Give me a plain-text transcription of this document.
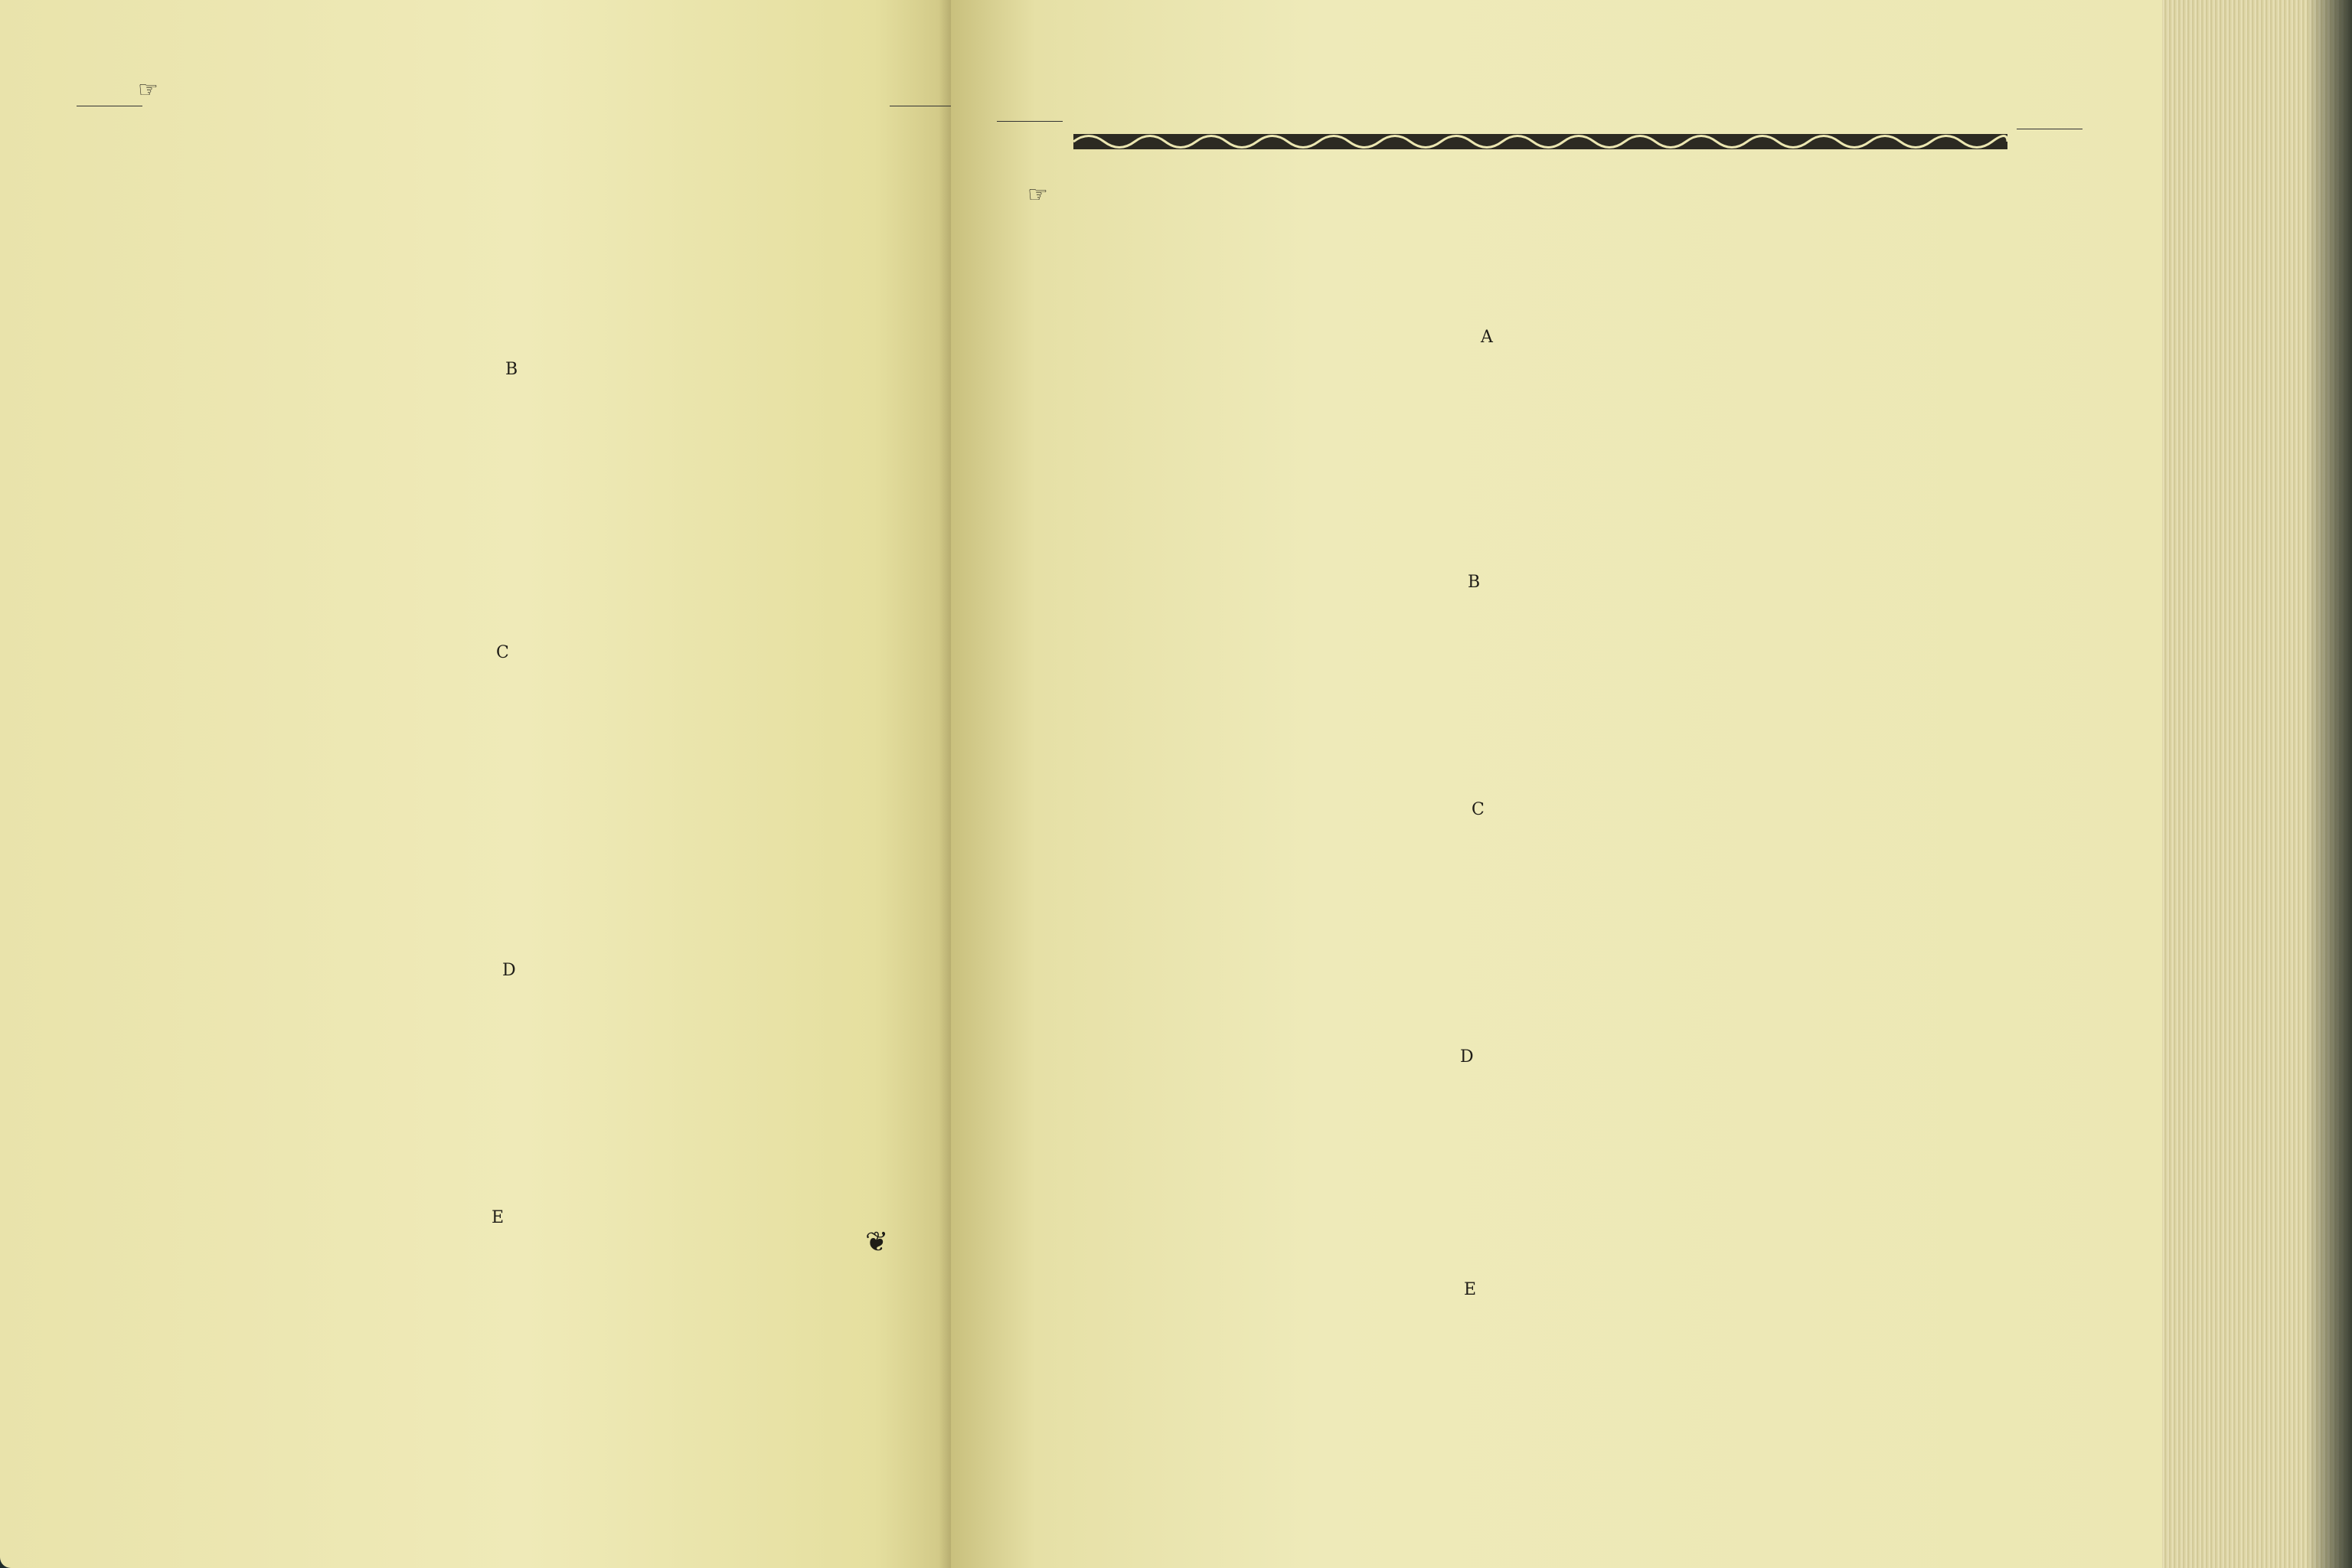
☞
B
C
D
E
❦
☞
A
B
C
D
E
